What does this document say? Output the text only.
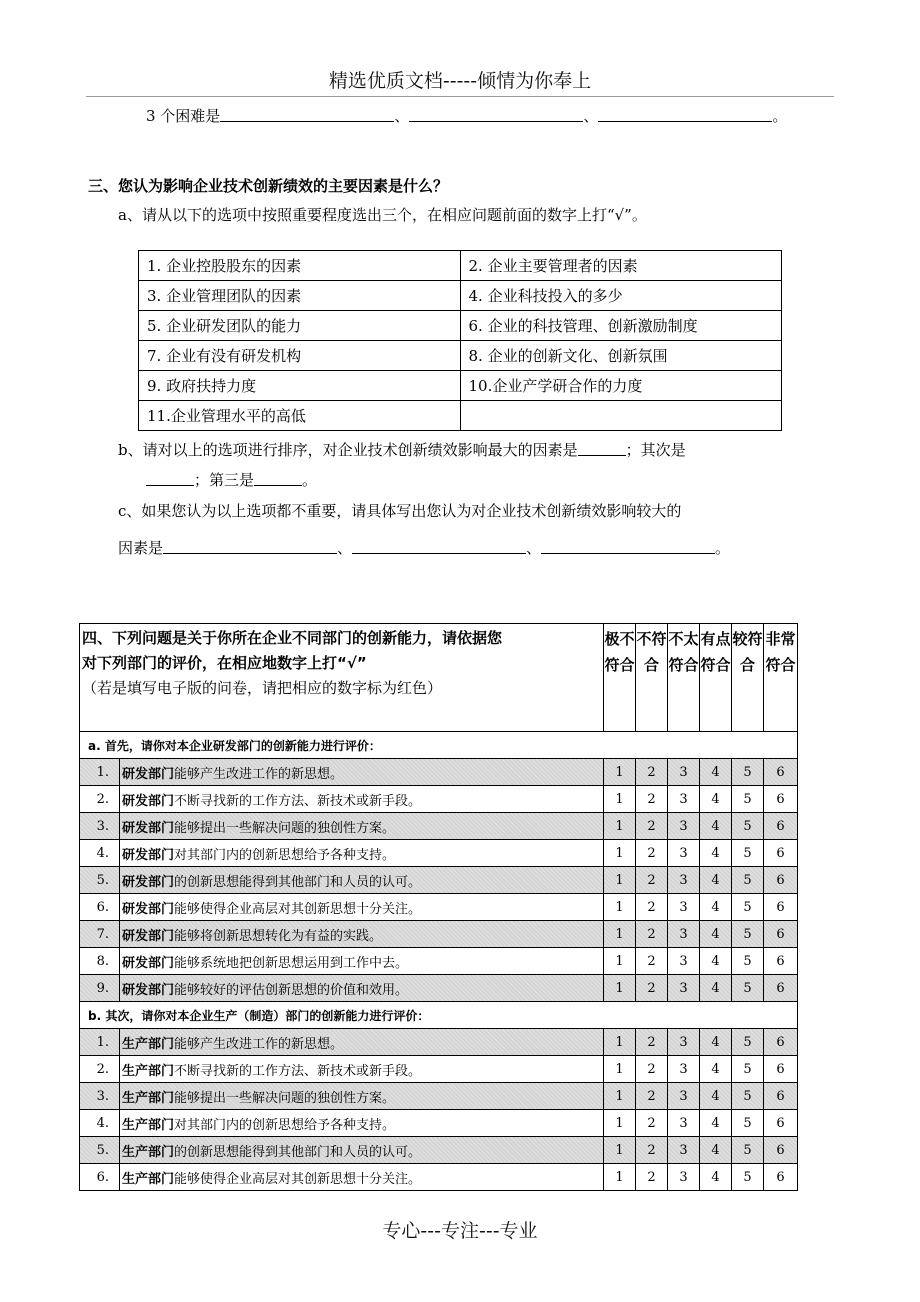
精选优质文档-----倾情为你奉上
3 个困难是	、	、	。
三、您认为影响企业技术创新绩效的主要因素是什么？
a、请从以下的选项中按照重要程度选出三个，在相应问题前面的数字上打“√”。
1. 企业控股股东的因素	2. 企业主要管理者的因素
3. 企业管理团队的因素	4. 企业科技投入的多少
5. 企业研发团队的能力	6. 企业的科技管理、创新激励制度
7. 企业有没有研发机构	8. 企业的创新文化、创新氛围
9. 政府扶持力度	10.企业产学研合作的力度
11.企业管理水平的高低	
b、请对以上的选项进行排序，对企业技术创新绩效影响最大的因素是	；其次是
；第三是	。
c、如果您认为以上选项都不重要，请具体写出您认为对企业技术创新绩效影响较大的
因素是	、	、	。
四、下列问题是关于你所在企业不同部门的创新能力，请依据您
对下列部门的评价，在相应地数字上打“√”
（若是填写电子版的问卷，请把相应的数字标为红色）		极不符合	不符合	不太符合	有点符合	较符合	非常符合
a. 首先，请你对本企业研发部门的创新能力进行评价：							
1.	研发部门能够产生改进工作的新思想。	1	2	3	4	5	6
2.	研发部门不断寻找新的工作方法、新技术或新手段。	1	2	3	4	5	6
3.	研发部门能够提出一些解决问题的独创性方案。	1	2	3	4	5	6
4.	研发部门对其部门内的创新思想给予各种支持。	1	2	3	4	5	6
5.	研发部门的创新思想能得到其他部门和人员的认可。	1	2	3	4	5	6
6.	研发部门能够使得企业高层对其创新思想十分关注。	1	2	3	4	5	6
7.	研发部门能够将创新思想转化为有益的实践。	1	2	3	4	5	6
8.	研发部门能够系统地把创新思想运用到工作中去。	1	2	3	4	5	6
9.	研发部门能够较好的评估创新思想的价值和效用。	1	2	3	4	5	6
b. 其次，请你对本企业生产（制造）部门的创新能力进行评价：							
1.	生产部门能够产生改进工作的新思想。	1	2	3	4	5	6
2.	生产部门不断寻找新的工作方法、新技术或新手段。	1	2	3	4	5	6
3.	生产部门能够提出一些解决问题的独创性方案。	1	2	3	4	5	6
4.	生产部门对其部门内的创新思想给予各种支持。	1	2	3	4	5	6
5.	生产部门的创新思想能得到其他部门和人员的认可。	1	2	3	4	5	6
6.	生产部门能够使得企业高层对其创新思想十分关注。	1	2	3	4	5	6
专心---专注---专业
